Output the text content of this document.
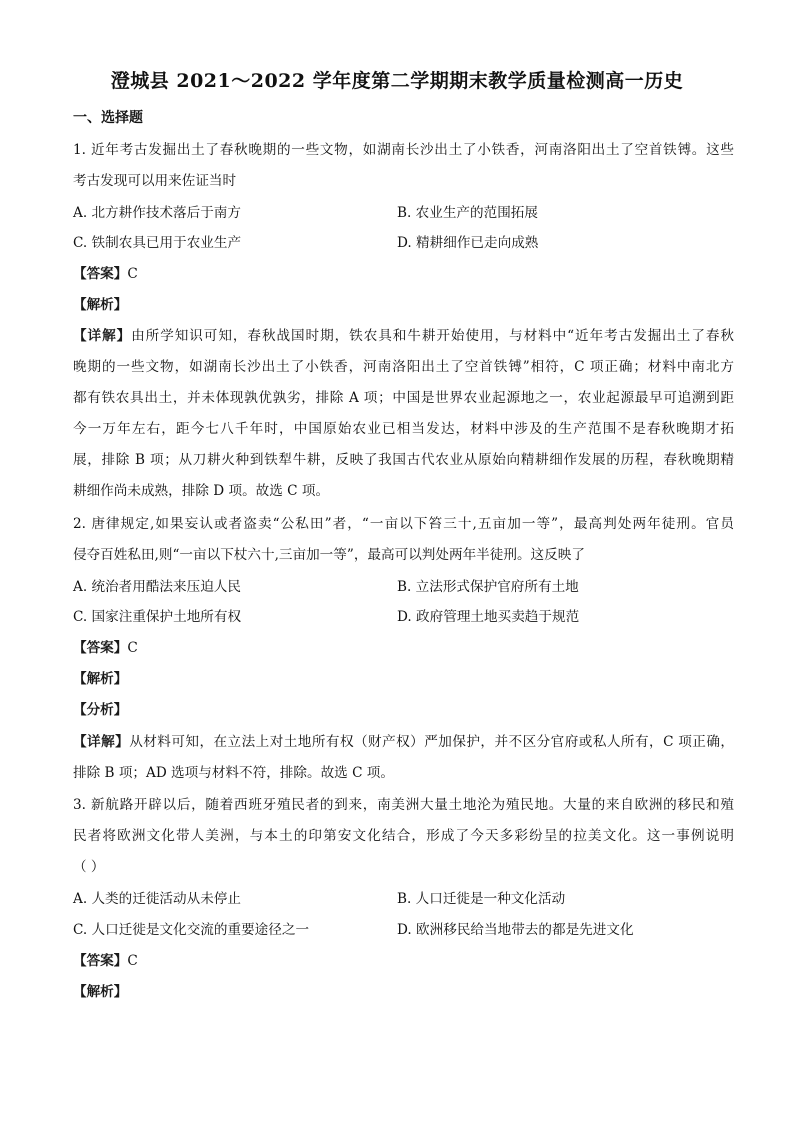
澄城县 2021～2022 学年度第二学期期末教学质量检测高一历史
一、选择题
1. 近年考古发掘出土了春秋晚期的一些文物，如湖南长沙出土了小铁香，河南洛阳出土了空首铁镈。这些
考古发现可以用来佐证当时
A. 北方耕作技术落后于南方	B. 农业生产的范围拓展
C. 铁制农具已用于农业生产	D. 精耕细作已走向成熟
【答案】C
【解析】
【详解】由所学知识可知，春秋战国时期，铁农具和牛耕开始使用，与材料中“近年考古发掘出土了春秋
晚期的一些文物，如湖南长沙出土了小铁香，河南洛阳出土了空首铁镈”相符，C 项正确；材料中南北方
都有铁农具出土，并未体现孰优孰劣，排除 A 项；中国是世界农业起源地之一，农业起源最早可追溯到距
今一万年左右，距今七八千年时，中国原始农业已相当发达，材料中涉及的生产范围不是春秋晚期才拓
展，排除 B 项；从刀耕火种到铁犁牛耕，反映了我国古代农业从原始向精耕细作发展的历程，春秋晚期精
耕细作尚未成熟，排除 D 项。故选 C 项。
2. 唐律规定,如果妄认或者盗卖“公私田”者，“一亩以下笞三十,五亩加一等”，最高判处两年徒刑。官员
侵夺百姓私田,则“一亩以下杖六十,三亩加一等”，最高可以判处两年半徒刑。这反映了
A. 统治者用酷法来压迫人民	B. 立法形式保护官府所有土地
C. 国家注重保护土地所有权	D. 政府管理土地买卖趋于规范
【答案】C
【解析】
【分析】
【详解】从材料可知，在立法上对土地所有权（财产权）严加保护，并不区分官府或私人所有，C 项正确，
排除 B 项；AD 选项与材料不符，排除。故选 C 项。
3. 新航路开辟以后，随着西班牙殖民者的到来，南美洲大量土地沦为殖民地。大量的来自欧洲的移民和殖
民者将欧洲文化带人美洲，与本土的印第安文化结合，形成了今天多彩纷呈的拉美文化。这一事例说明
（ ）
A. 人类的迁徙活动从未停止	B. 人口迁徙是一种文化活动
C. 人口迁徙是文化交流的重要途径之一	D. 欧洲移民给当地带去的都是先进文化
【答案】C
【解析】
